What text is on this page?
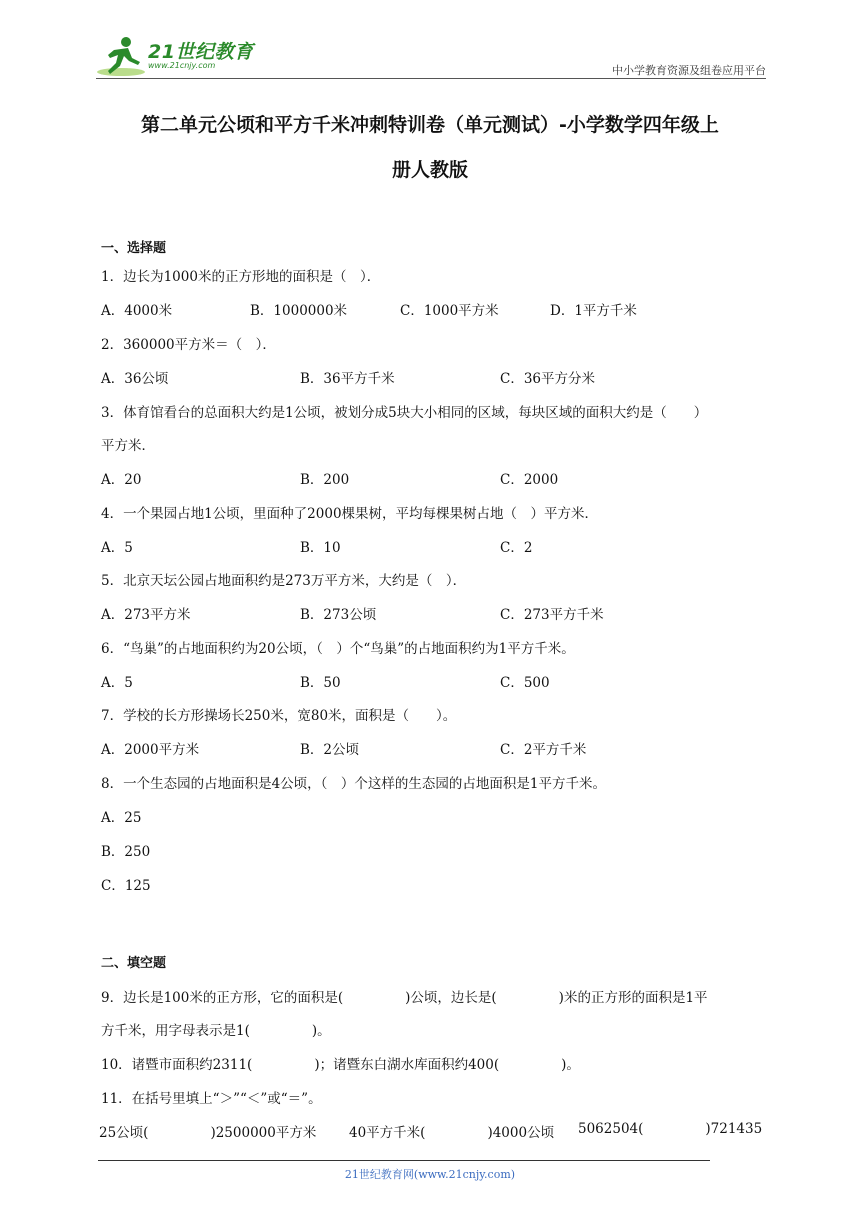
21世纪教育
www.21cnjy.com	中小学教育资源及组卷应用平台
第二单元公顷和平方千米冲刺特训卷（单元测试）-小学数学四年级上
册人教版
一、选择题
1．边长为1000米的正方形地的面积是（　）．
A．4000米	B．1000000米	C．1000平方米	D．1平方千米
2．360000平方米＝（　）．
A．36公顷	B．36平方千米	C．36平方分米
3．体育馆看台的总面积大约是1公顷，被划分成5块大小相同的区域，每块区域的面积大约是（　　）
平方米．
A．20	B．200	C．2000
4．一个果园占地1公顷，里面种了2000棵果树，平均每棵果树占地（　）平方米．
A．5	B．10	C．2
5．北京天坛公园占地面积约是273万平方米，大约是（　）．
A．273平方米	B．273公顷	C．273平方千米
6．“鸟巢”的占地面积约为20公顷，（　）个“鸟巢”的占地面积约为1平方千米。
A．5	B．50	C．500
7．学校的长方形操场长250米，宽80米，面积是（　　）。
A．2000平方米	B．2公顷	C．2平方千米
8．一个生态园的占地面积是4公顷，（　）个这样的生态园的占地面积是1平方千米。
A．25
B．250
C．125
二、填空题
9．边长是100米的正方形，它的面积是(	)公顷，边长是(	)米的正方形的面积是1平
方千米，用字母表示是1(	)。
10．诸暨市面积约2311(	)；诸暨东白湖水库面积约400(	)。
11．在括号里填上“＞”“＜”或“＝”。
25公顷(	)2500000平方米 40平方千米(	)4000公顷 5062504(	)721435
21世纪教育网(www.21cnjy.com)
